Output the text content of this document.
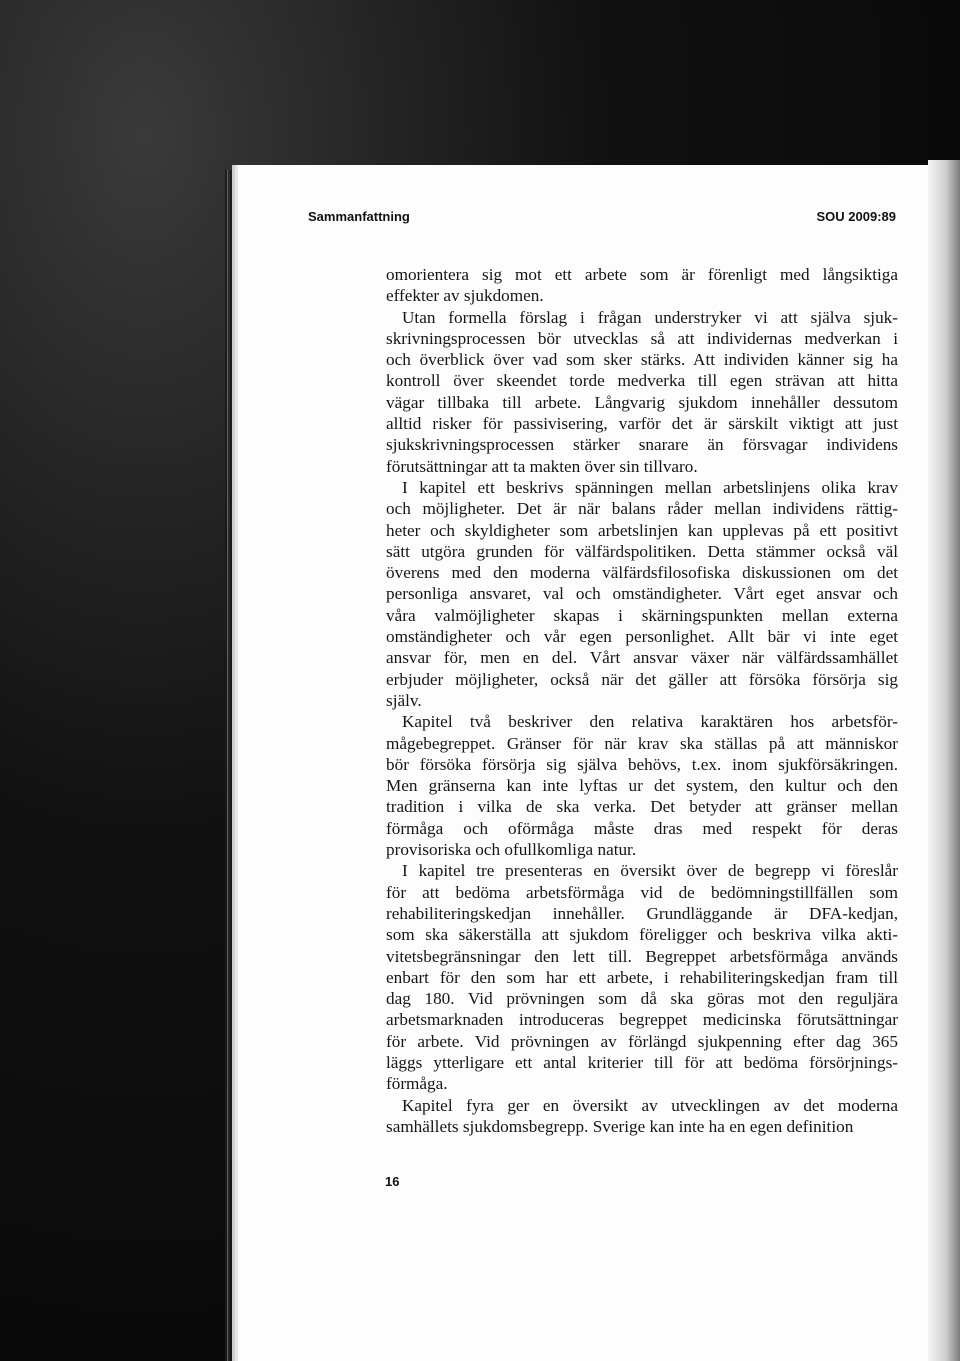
Sammanfattning	SOU 2009:89

omorientera sig mot ett arbete som är förenligt med långsiktiga

effekter av sjukdomen.

Utan formella förslag i frågan understryker vi att själva sjuk-

skrivningsprocessen bör utvecklas så att individernas medverkan i

och överblick över vad som sker stärks. Att individen känner sig ha

kontroll över skeendet torde medverka till egen strävan att hitta

vägar tillbaka till arbete. Långvarig sjukdom innehåller dessutom

alltid risker för passivisering, varför det är särskilt viktigt att just

sjukskrivningsprocessen stärker snarare än försvagar individens

förutsättningar att ta makten över sin tillvaro.

I kapitel ett beskrivs spänningen mellan arbetslinjens olika krav

och möjligheter. Det är när balans råder mellan individens rättig-

heter och skyldigheter som arbetslinjen kan upplevas på ett positivt

sätt utgöra grunden för välfärdspolitiken. Detta stämmer också väl

överens med den moderna välfärdsfilosofiska diskussionen om det

personliga ansvaret, val och omständigheter. Vårt eget ansvar och

våra valmöjligheter skapas i skärningspunkten mellan externa

omständigheter och vår egen personlighet. Allt bär vi inte eget

ansvar för, men en del. Vårt ansvar växer när välfärdssamhället

erbjuder möjligheter, också när det gäller att försöka försörja sig

själv.

Kapitel två beskriver den relativa karaktären hos arbetsför-

mågebegreppet. Gränser för när krav ska ställas på att människor

bör försöka försörja sig själva behövs, t.ex. inom sjukförsäkringen.

Men gränserna kan inte lyftas ur det system, den kultur och den

tradition i vilka de ska verka. Det betyder att gränser mellan

förmåga och oförmåga måste dras med respekt för deras

provisoriska och ofullkomliga natur.

I kapitel tre presenteras en översikt över de begrepp vi föreslår

för att bedöma arbetsförmåga vid de bedömningstillfällen som

rehabiliteringskedjan innehåller. Grundläggande är DFA-kedjan,

som ska säkerställa att sjukdom föreligger och beskriva vilka akti-

vitetsbegränsningar den lett till. Begreppet arbetsförmåga används

enbart för den som har ett arbete, i rehabiliteringskedjan fram till

dag 180. Vid prövningen som då ska göras mot den reguljära

arbetsmarknaden introduceras begreppet medicinska förutsättningar

för arbete. Vid prövningen av förlängd sjukpenning efter dag 365

läggs ytterligare ett antal kriterier till för att bedöma försörjnings-

förmåga.

Kapitel fyra ger en översikt av utvecklingen av det moderna

samhällets sjukdomsbegrepp. Sverige kan inte ha en egen definition

16
